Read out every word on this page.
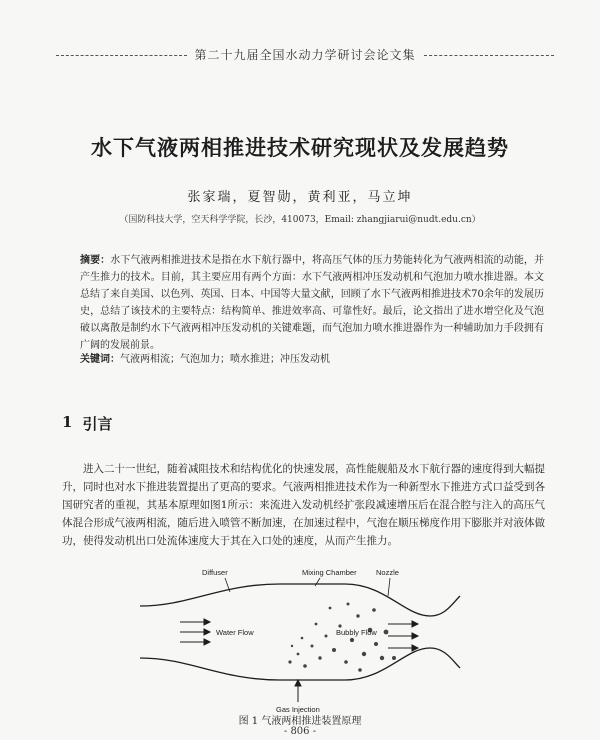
第二十九届全国水动力学研讨会论文集
水下气液两相推进技术研究现状及发展趋势
张家瑞，夏智勋，黄利亚，马立坤
（国防科技大学，空天科学学院，长沙，410073，Email: zhangjiarui@nudt.edu.cn）

摘要：水下气液两相推进技术是指在水下航行器中，将高压气体的压力势能转化为气液两相流的动能，并产生推力的技术。目前，其主要应用有两个方面：水下气液两相冲压发动机和气泡加力喷水推进器。本文总结了来自美国、以色列、英国、日本、中国等大量文献，回顾了水下气液两相推进技术70余年的发展历史，总结了该技术的主要特点：结构简单、推进效率高、可靠性好。最后，论文指出了进水增空化及气泡破以离散是制约水下气液两相冲压发动机的关键难题，而气泡加力喷水推进器作为一种辅助加力手段拥有广阔的发展前景。

关键词：气液两相流；气泡加力；喷水推进；冲压发动机

1 引言

进入二十一世纪，随着减阻技术和结构优化的快速发展，高性能舰船及水下航行器的速度得到大幅提升，同时也对水下推进装置提出了更高的要求。气液两相推进技术作为一种新型水下推进方式口益受到各国研究者的重视，其基本原理如图1所示：来流进入发动机经扩张段减速增压后在混合腔与注入的高压气体混合形成气液两相流，随后进入喷管不断加速，在加速过程中，气泡在顺压梯度作用下膨胀并对液体做功，使得发动机出口处流体速度大于其在入口处的速度，从而产生推力。

Diffuser	Mixing Chamber	Nozzle
Water Flow	Bubbly Flow
Gas Injection
图 1 气液两相推进装置原理
- 806 -
